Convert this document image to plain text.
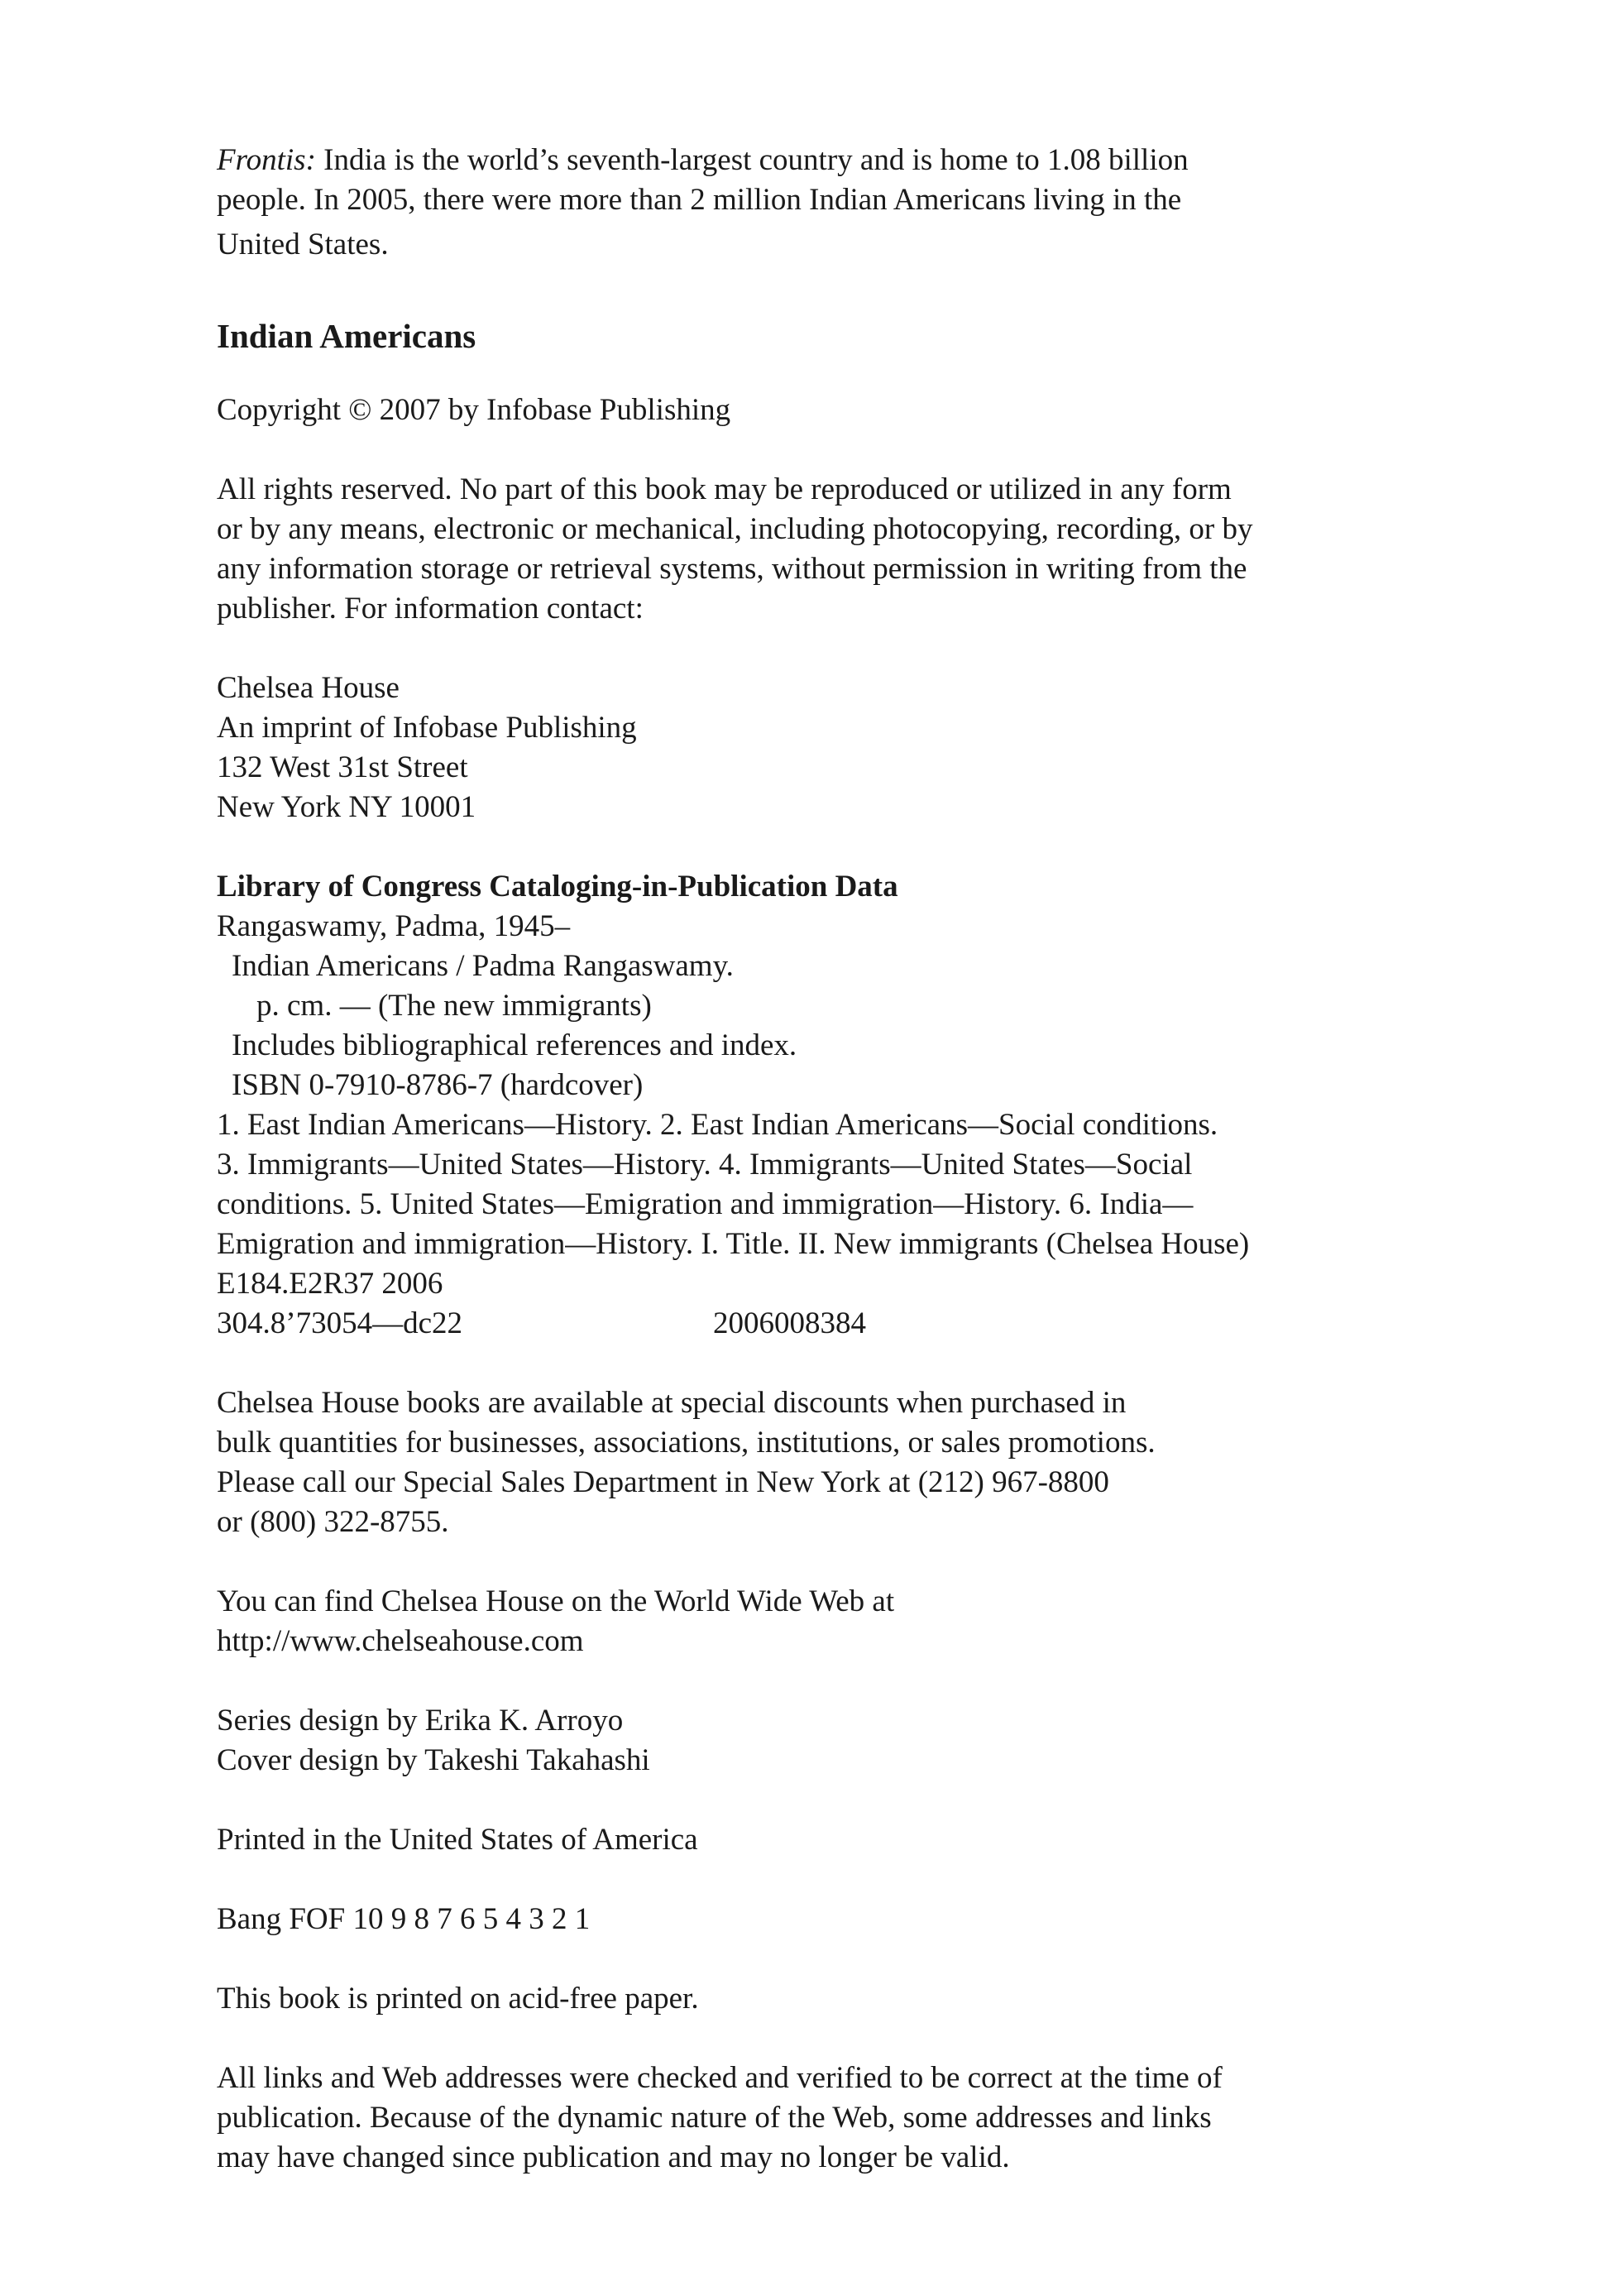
Frontis: India is the world’s seventh-largest country and is home to 1.08 billion
people. In 2005, there were more than 2 million Indian Americans living in the
United States.
Indian Americans
Copyright © 2007 by Infobase Publishing
All rights reserved. No part of this book may be reproduced or utilized in any form
or by any means, electronic or mechanical, including photocopying, recording, or by
any information storage or retrieval systems, without permission in writing from the
publisher. For information contact:
Chelsea House
An imprint of Infobase Publishing
132 West 31st Street
New York NY 10001
Library of Congress Cataloging-in-Publication Data
Rangaswamy, Padma, 1945–
Indian Americans / Padma Rangaswamy.
p. cm. — (The new immigrants)
Includes bibliographical references and index.
ISBN 0-7910-8786-7 (hardcover)
1. East Indian Americans—History. 2. East Indian Americans—Social conditions.
3. Immigrants—United States—History. 4. Immigrants—United States—Social
conditions. 5. United States—Emigration and immigration—History. 6. India—
Emigration and immigration—History. I. Title. II. New immigrants (Chelsea House)
E184.E2R37 2006
304.8’73054—dc22	2006008384
Chelsea House books are available at special discounts when purchased in
bulk quantities for businesses, associations, institutions, or sales promotions.
Please call our Special Sales Department in New York at (212) 967-8800
or (800) 322-8755.
You can find Chelsea House on the World Wide Web at
http://www.chelseahouse.com
Series design by Erika K. Arroyo
Cover design by Takeshi Takahashi
Printed in the United States of America
Bang FOF 10 9 8 7 6 5 4 3 2 1
This book is printed on acid-free paper.
All links and Web addresses were checked and verified to be correct at the time of
publication. Because of the dynamic nature of the Web, some addresses and links
may have changed since publication and may no longer be valid.
